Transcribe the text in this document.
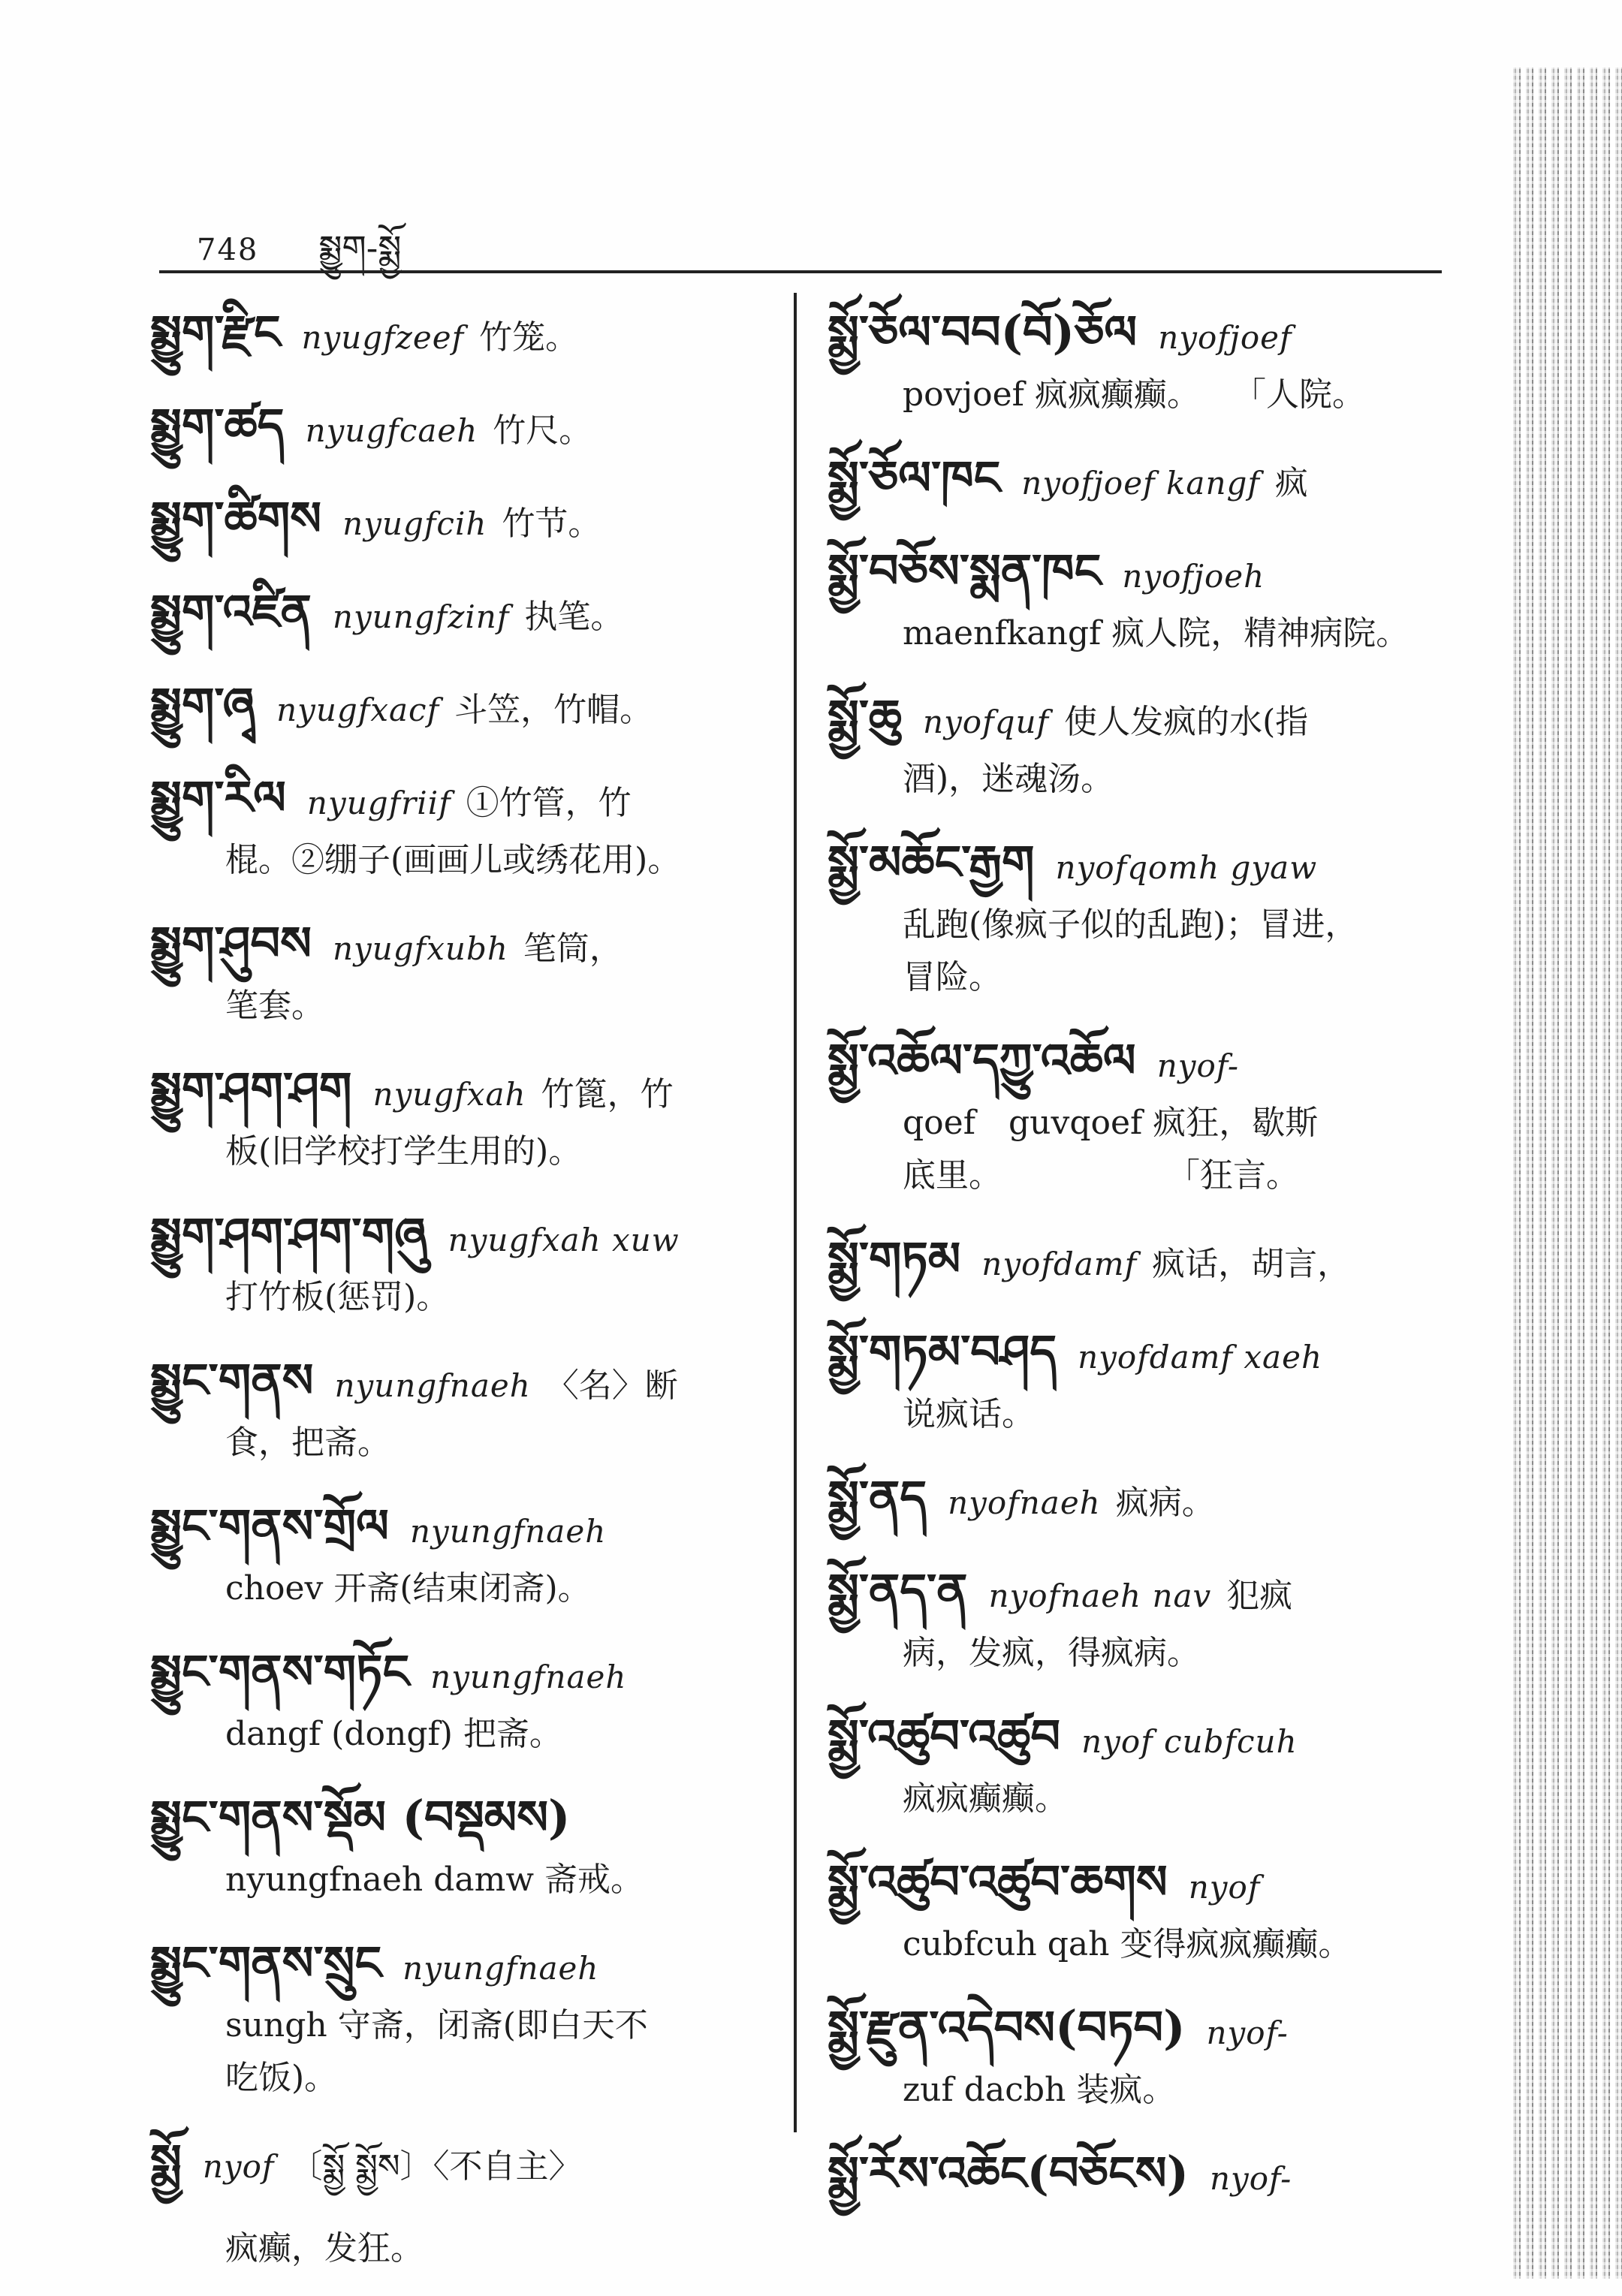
748 སྨྱུག-སྨྱོ
སྨྱུག་རྫིང nyugfzeef 竹笼。
སྨྱུག་ཚད nyugfcaeh 竹尺。
སྨྱུག་ཚིགས nyugfcih 竹节。
སྨྱུག་འཛིན nyungfzinf 执笔。
སྨྱུག་ཞྭ nyugfxacf 斗笠，竹帽。
སྨྱུག་རིལ nyugfriif ①竹管，竹
棍。②绷子(画画儿或绣花用)。
སྨྱུག་ཤུབས nyugfxubh 笔筒，
笔套。
སྨྱུག་ཤག་ཤག nyugfxah 竹篦，竹
板(旧学校打学生用的)。
སྨྱུག་ཤག་ཤག་གཞུ nyugfxah xuw
打竹板(惩罚)。
སྨྱུང་གནས nyungfnaeh 〈名〉断
食，把斋。
སྨྱུང་གནས་གྲོལ nyungfnaeh
choev 开斋(结束闭斋)。
སྨྱུང་གནས་གཏོང nyungfnaeh
dangf (dongf) 把斋。
སྨྱུང་གནས་སྡོམ (བསྡམས)
nyungfnaeh damw 斋戒。
སྨྱུང་གནས་སྲུང nyungfnaeh
sungh 守斋，闭斋(即白天不
吃饭)。
སྨྱོ nyof 〔སྨྱོ སྨྱོས〕〈不自主〉
疯癫，发狂。
སྨྱོ་ཅོལ་བབ(བོ)ཅོལ nyofjoef
povjoef 疯疯癫癫。　　「人院。
སྨྱོ་ཅོལ་ཁང nyofjoef kangf 疯
སྨྱོ་བཅོས་སྨན་ཁང nyofjoeh
maenfkangf 疯人院，精神病院。
སྨྱོ་ཆུ nyofquf 使人发疯的水(指
酒)，迷魂汤。
སྨྱོ་མཆོང་རྒྱག nyofqomh gyaw
乱跑(像疯子似的乱跑)；冒进，
冒险。
སྨྱོ་འཆོལ་དཀྱུ་འཆོལ nyof-
qoef　guvqoef 疯狂，歇斯
底里。　　　　　　「狂言。
སྨྱོ་གཏམ nyofdamf 疯话，胡言，
སྨྱོ་གཏམ་བཤད nyofdamf xaeh
说疯话。
སྨྱོ་ནད nyofnaeh 疯病。
སྨྱོ་ནད་ན nyofnaeh nav 犯疯
病，发疯，得疯病。
སྨྱོ་འཚུབ་འཚུབ nyof cubfcuh
疯疯癫癫。
སྨྱོ་འཚུབ་འཚུབ་ཆགས nyof
cubfcuh qah 变得疯疯癫癫。
སྨྱོ་རྫུན་འདེབས(བཏབ) nyof-
zuf dacbh 装疯。
སྨྱོ་རོས་འཆོང(བཅོངས) nyof-
